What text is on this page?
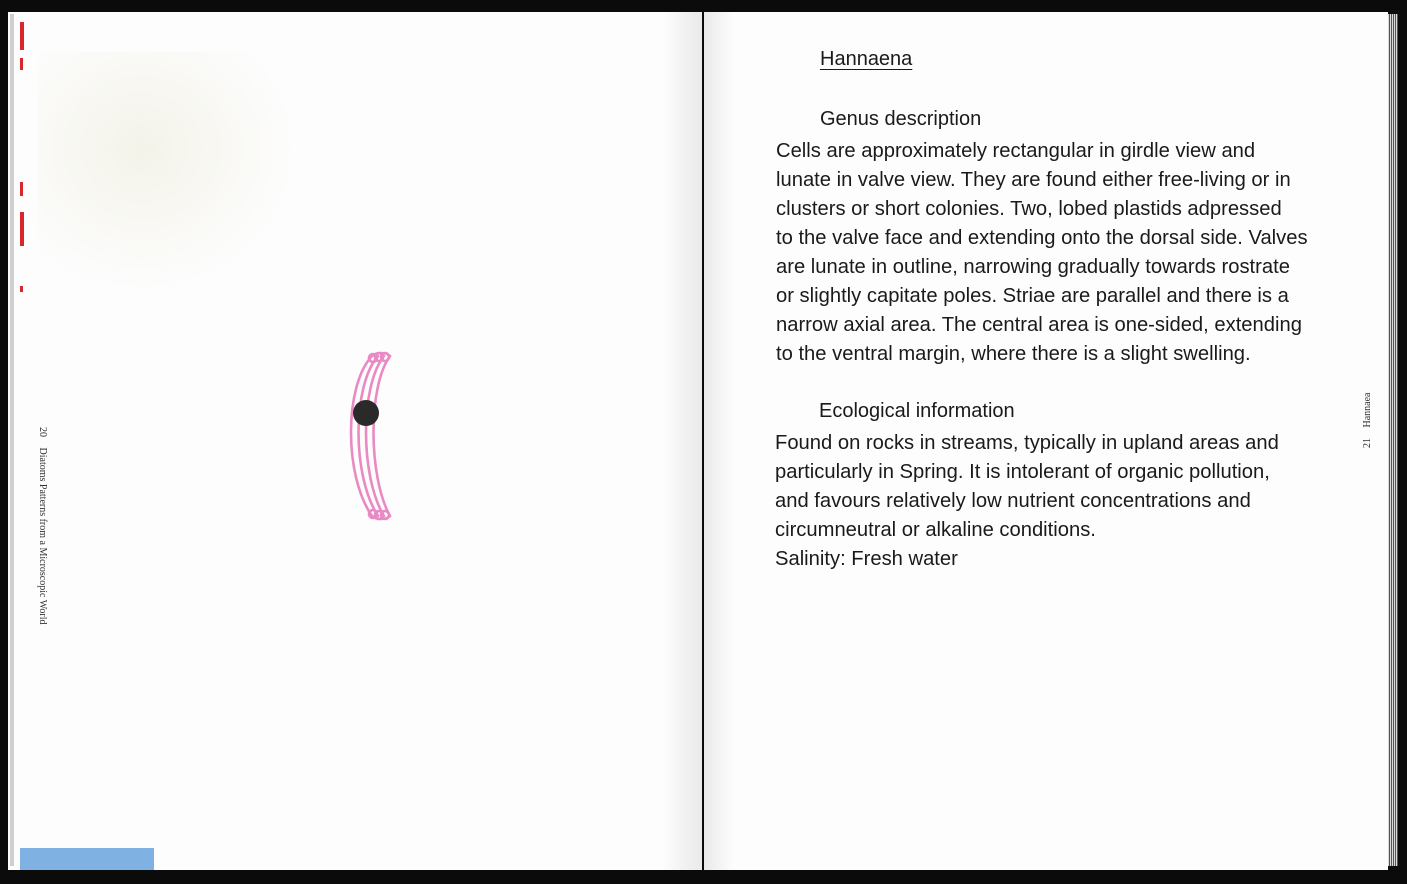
20 Diatoms Patterns from a Microscopic World
Hannaena
Genus description
Cells are approximately rectangular in girdle view and
lunate in valve view. They are found either free-living or in
clusters or short colonies. Two, lobed plastids adpressed
to the valve face and extending onto the dorsal side. Valves
are lunate in outline, narrowing gradually towards rostrate
or slightly capitate poles. Striae are parallel and there is a
narrow axial area. The central area is one-sided, extending
to the ventral margin, where there is a slight swelling.
Ecological information
Found on rocks in streams, typically in upland areas and
particularly in Spring. It is intolerant of organic pollution,
and favours relatively low nutrient concentrations and
circumneutral or alkaline conditions.
Salinity: Fresh water
21 Hannaea
